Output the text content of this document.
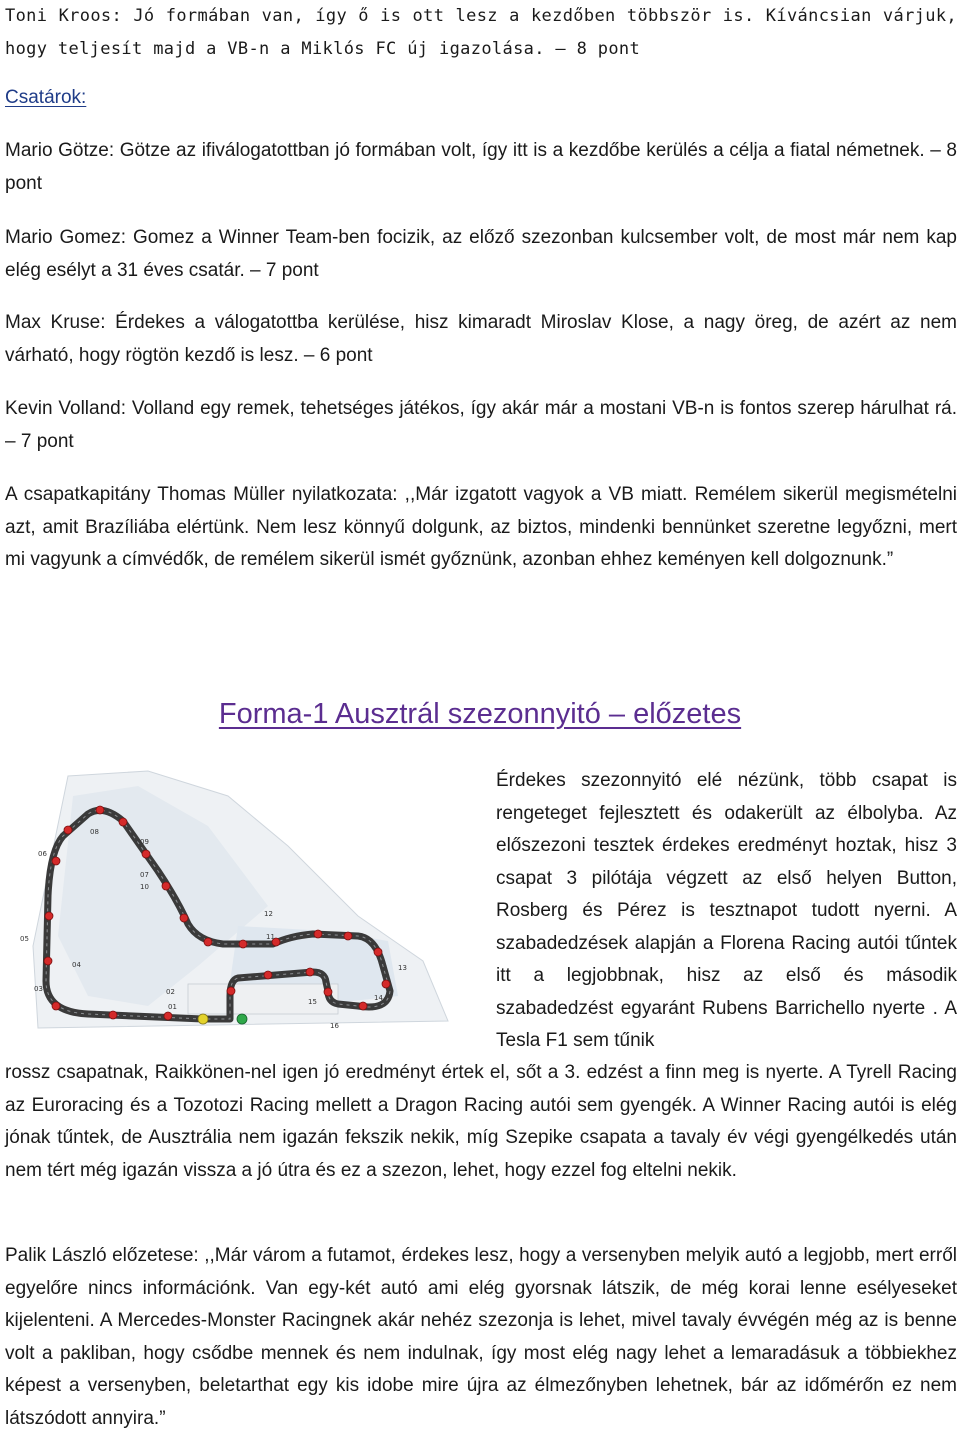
Toni Kroos: Jó formában van, így ő is ott lesz a kezdőben többször is. Kíváncsian várjuk, hogy teljesít majd a VB-n a Miklós FC új igazolása. – 8 pont

Csatárok:

Mario Götze: Götze az ifiválogatottban jó formában volt, így itt is a kezdőbe kerülés a célja a fiatal németnek. – 8 pont

Mario Gomez: Gomez a Winner Team-ben focizik, az előző szezonban kulcsember volt, de most már nem kap elég esélyt a 31 éves csatár. – 7 pont

Max Kruse: Érdekes a válogatottba kerülése, hisz kimaradt Miroslav Klose, a nagy öreg, de azért az nem várható, hogy rögtön kezdő is lesz. – 6 pont

Kevin Volland: Volland egy remek, tehetséges játékos, így akár már a mostani VB-n is fontos szerep hárulhat rá. – 7 pont

A csapatkapitány Thomas Müller nyilatkozata: ,,Már izgatott vagyok a VB miatt. Remélem sikerül megismételni azt, amit Brazíliába elértünk. Nem lesz könnyű dolgunk, az biztos, mindenki bennünket szeretne legyőzni, mert mi vagyunk a címvédők, de remélem sikerül ismét győznünk, azonban ehhez keményen kell dolgoznunk.”

Forma-1 Ausztrál szezonnyitó – előzetes
01
02
03
04
05
06
07
08
09
10
11
12
13
14
15
16

Érdekes szezonnyitó elé nézünk, több csapat is rengeteget fejlesztett és odakerült az élbolyba. Az előszezoni tesztek érdekes eredményt hoztak, hisz 3 csapat 3 pilótája végzett az első helyen Button, Rosberg és Pérez is tesztnapot tudott nyerni. A szabadedzések alapján a Florena Racing autói tűntek itt a legjobbnak, hisz az első és második szabadedzést egyaránt Rubens Barrichello nyerte . A Tesla F1 sem tűnik

rossz csapatnak, Raikkönen-nel igen jó eredményt értek el, sőt a 3. edzést a finn meg is nyerte. A Tyrell Racing az Euroracing és a Tozotozi Racing mellett a Dragon Racing autói sem gyengék. A Winner Racing autói is elég jónak tűntek, de Ausztrália nem igazán fekszik nekik, míg Szepike csapata a tavaly év végi gyengélkedés után nem tért még igazán vissza a jó útra és ez a szezon, lehet, hogy ezzel fog eltelni nekik.

Palik László előzetese: ,,Már várom a futamot, érdekes lesz, hogy a versenyben melyik autó a legjobb, mert erről egyelőre nincs információnk. Van egy-két autó ami elég gyorsnak látszik, de még korai lenne esélyeseket kijelenteni. A Mercedes-Monster Racingnek akár nehéz szezonja is lehet, mivel tavaly évvégén még az is benne volt a pakliban, hogy csődbe mennek és nem indulnak, így most elég nagy lehet a lemaradásuk a többiekhez képest a versenyben, beletarthat egy kis idobe mire újra az élmezőnyben lehetnek, bár az időmérőn ez nem látszódott annyira.”
